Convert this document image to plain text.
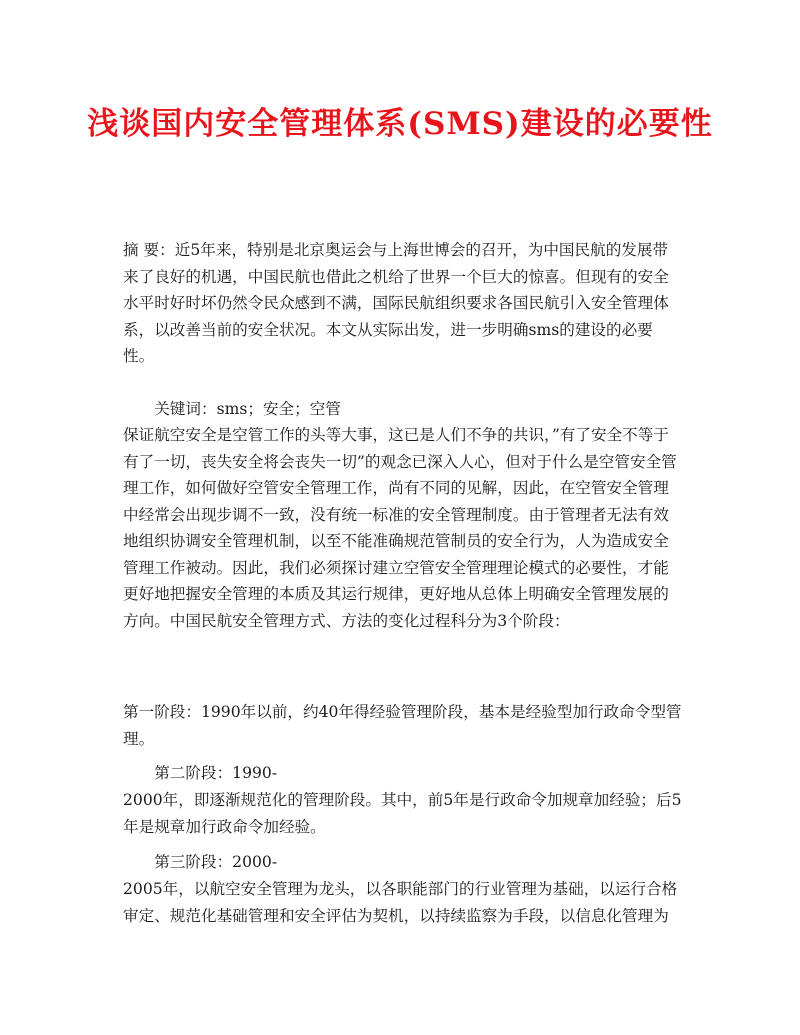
浅谈国内安全管理体系(SMS)建设的必要性

摘 要：近5年来，特别是北京奥运会与上海世博会的召开，为中国民航的发展带来了良好的机遇，中国民航也借此之机给了世界一个巨大的惊喜。但现有的安全水平时好时坏仍然令民众感到不满，国际民航组织要求各国民航引入安全管理体系，以改善当前的安全状况。本文从实际出发，进一步明确sms的建设的必要性。

关键词：sms；安全；空管

保证航空安全是空管工作的头等大事，这已是人们不争的共识，”有了安全不等于有了一切，丧失安全将会丧失一切”的观念已深入人心，但对于什么是空管安全管理工作，如何做好空管安全管理工作，尚有不同的见解，因此，在空管安全管理中经常会出现步调不一致，没有统一标准的安全管理制度。由于管理者无法有效地组织协调安全管理机制，以至不能准确规范管制员的安全行为，人为造成安全管理工作被动。因此，我们必须探讨建立空管安全管理理论模式的必要性，才能更好地把握安全管理的本质及其运行规律，更好地从总体上明确安全管理发展的方向。中国民航安全管理方式、方法的变化过程科分为3个阶段：

第一阶段：1990年以前，约40年得经验管理阶段，基本是经验型加行政命令型管理。

第二阶段：1990-

2000年，即逐渐规范化的管理阶段。其中，前5年是行政命令加规章加经验；后5年是规章加行政命令加经验。

第三阶段：2000-

2005年，以航空安全管理为龙头，以各职能部门的行业管理为基础，以运行合格审定、规范化基础管理和安全评估为契机，以持续监察为手段，以信息化管理为
